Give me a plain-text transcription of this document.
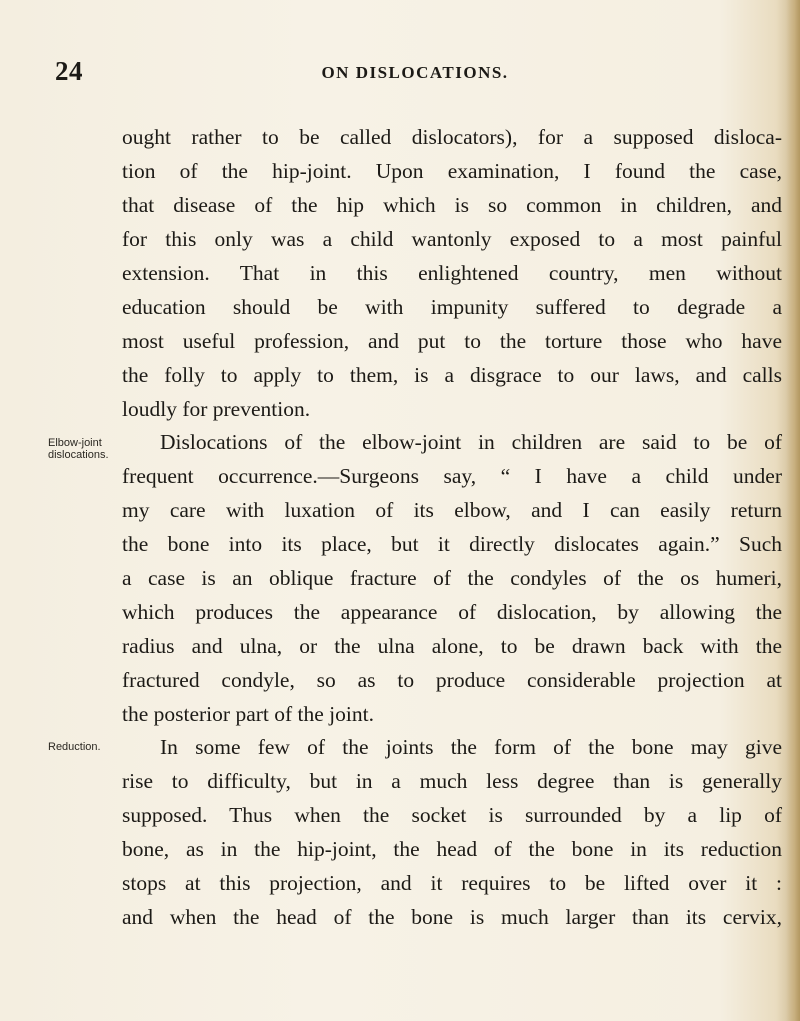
24	ON DISLOCATIONS.
Elbow-joint
dislocations.
Reduction.
ought rather to be called dislocators), for a supposed disloca-
tion of the hip-joint. Upon examination, I found the case,
that disease of the hip which is so common in children, and
for this only was a child wantonly exposed to a most painful
extension. That in this enlightened country, men without
education should be with impunity suffered to degrade a
most useful profession, and put to the torture those who have
the folly to apply to them, is a disgrace to our laws, and calls
loudly for prevention.
Dislocations of the elbow-joint in children are said to be of
frequent occurrence.—Surgeons say, “ I have a child under
my care with luxation of its elbow, and I can easily return
the bone into its place, but it directly dislocates again.” Such
a case is an oblique fracture of the condyles of the os humeri,
which produces the appearance of dislocation, by allowing the
radius and ulna, or the ulna alone, to be drawn back with the
fractured condyle, so as to produce considerable projection at
the posterior part of the joint.
In some few of the joints the form of the bone may give
rise to difficulty, but in a much less degree than is generally
supposed. Thus when the socket is surrounded by a lip of
bone, as in the hip-joint, the head of the bone in its reduction
stops at this projection, and it requires to be lifted over it :
and when the head of the bone is much larger than its cervix,
